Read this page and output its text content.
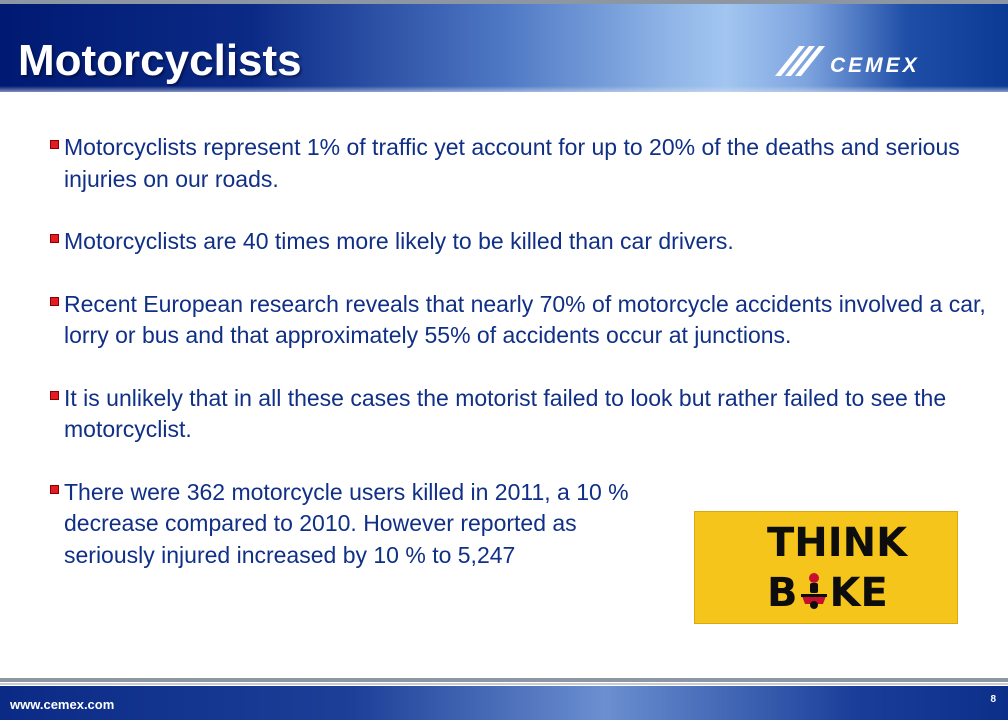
Motorcyclists	CEMEX
Motorcyclists represent 1% of traffic yet account for up to 20% of the deaths and serious injuries on our roads.
Motorcyclists are 40 times more likely to be killed than car drivers.
Recent European research reveals that nearly 70% of motorcycle accidents involved a car, lorry or bus and that approximately 55% of accidents occur at junctions.
It is unlikely that in all these cases the motorist failed to look but rather failed to see the motorcyclist.
There were 362 motorcycle users killed in 2011, a 10 % decrease compared to 2010. However reported as seriously injured increased by 10 % to 5,247	THINK
B KE
www.cemex.com	8
